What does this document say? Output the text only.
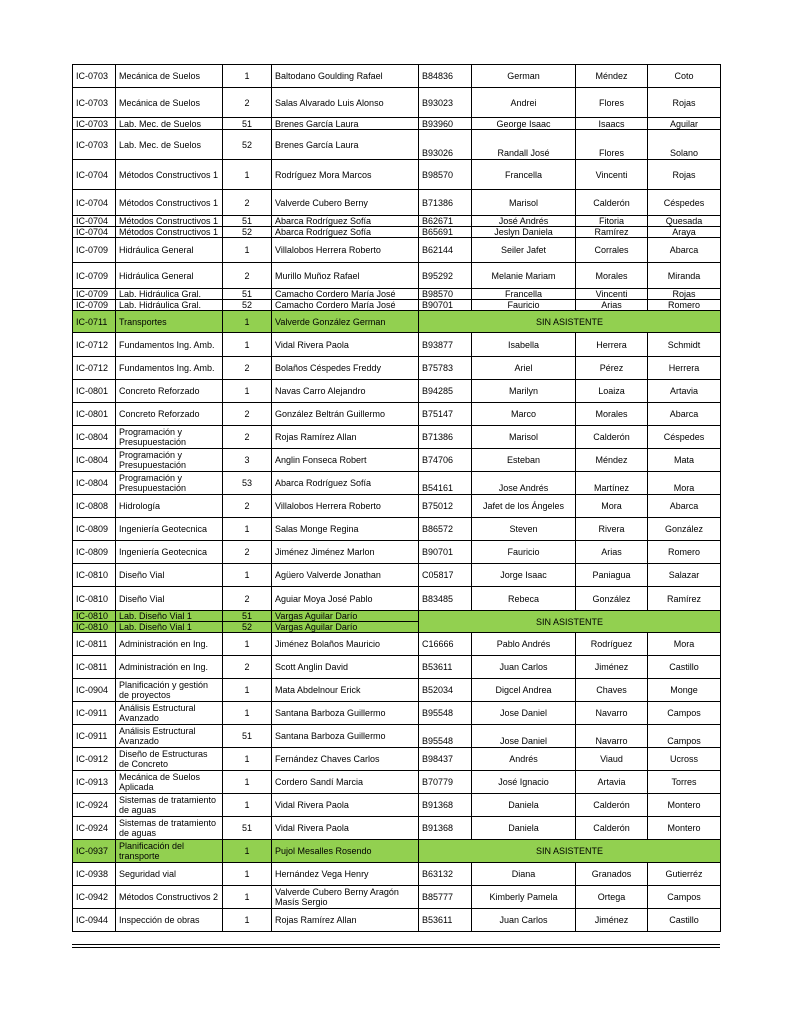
IC-0703	Mecánica de Suelos	1	Baltodano Goulding Rafael	B84836	German	Méndez	Coto
IC-0703	Mecánica de Suelos	2	Salas Alvarado Luis Alonso	B93023	Andrei	Flores	Rojas
IC-0703	Lab. Mec. de Suelos	51	Brenes García Laura	B93960	George Isaac	Isaacs	Aguilar
IC-0703	Lab. Mec. de Suelos	52	Brenes García Laura	B93026	Randall José	Flores	Solano
IC-0704	Métodos Constructivos 1	1	Rodríguez Mora Marcos	B98570	Francella	Vincenti	Rojas
IC-0704	Métodos Constructivos 1	2	Valverde Cubero Berny	B71386	Marisol	Calderón	Céspedes
IC-0704	Métodos Constructivos 1	51	Abarca Rodríguez Sofía	B62671	José Andrés	Fitoria	Quesada
IC-0704	Métodos Constructivos 1	52	Abarca Rodríguez Sofía	B65691	Jeslyn Daniela	Ramírez	Araya
IC-0709	Hidráulica General	1	Villalobos Herrera Roberto	B62144	Seiler Jafet	Corrales	Abarca
IC-0709	Hidráulica General	2	Murillo Muñoz Rafael	B95292	Melanie Mariam	Morales	Miranda
IC-0709	Lab. Hidráulica Gral.	51	Camacho Cordero María José	B98570	Francella	Vincenti	Rojas
IC-0709	Lab. Hidráulica Gral.	52	Camacho Cordero María José	B90701	Fauricio	Arias	Romero
IC-0711	Transportes	1	Valverde González German	SIN ASISTENTE			
IC-0712	Fundamentos Ing. Amb.	1	Vidal Rivera Paola	B93877	Isabella	Herrera	Schmidt
IC-0712	Fundamentos Ing. Amb.	2	Bolaños Céspedes Freddy	B75783	Ariel	Pérez	Herrera
IC-0801	Concreto Reforzado	1	Navas Carro Alejandro	B94285	Marilyn	Loaiza	Artavia
IC-0801	Concreto Reforzado	2	González Beltrán Guillermo	B75147	Marco	Morales	Abarca
IC-0804	Programación y Presupuestación	2	Rojas Ramírez Allan	B71386	Marisol	Calderón	Céspedes
IC-0804	Programación y Presupuestación	3	Anglin Fonseca Robert	B74706	Esteban	Méndez	Mata
IC-0804	Programación y Presupuestación	53	Abarca Rodríguez Sofía	B54161	Jose Andrés	Martínez	Mora
IC-0808	Hidrología	2	Villalobos Herrera Roberto	B75012	Jafet de los Ángeles	Mora	Abarca
IC-0809	Ingeniería Geotecnica	1	Salas Monge Regina	B86572	Steven	Rivera	González
IC-0809	Ingeniería Geotecnica	2	Jiménez Jiménez Marlon	B90701	Fauricio	Arias	Romero
IC-0810	Diseño Vial	1	Agüero Valverde Jonathan	C05817	Jorge Isaac	Paniagua	Salazar
IC-0810	Diseño Vial	2	Aguiar Moya José Pablo	B83485	Rebeca	González	Ramírez
IC-0810	Lab. Diseño Vial 1	51	Vargas Aguilar Darío	SIN ASISTENTE			
IC-0810	Lab. Diseño Vial 1	52	Vargas Aguilar Darío				
IC-0811	Administración en Ing.	1	Jiménez Bolaños Mauricio	C16666	Pablo Andrés	Rodríguez	Mora
IC-0811	Administración en Ing.	2	Scott Anglin David	B53611	Juan Carlos	Jiménez	Castillo
IC-0904	Planificación y gestión de proyectos	1	Mata Abdelnour Erick	B52034	Digcel Andrea	Chaves	Monge
IC-0911	Análisis Estructural Avanzado	1	Santana Barboza Guillermo	B95548	Jose Daniel	Navarro	Campos
IC-0911	Análisis Estructural Avanzado	51	Santana Barboza Guillermo	B95548	Jose Daniel	Navarro	Campos
IC-0912	Diseño de Estructuras de Concreto	1	Fernández Chaves Carlos	B98437	Andrés	Viaud	Ucross
IC-0913	Mecánica de Suelos Aplicada	1	Cordero Sandí Marcia	B70779	José Ignacio	Artavia	Torres
IC-0924	Sistemas de tratamiento de aguas	1	Vidal Rivera Paola	B91368	Daniela	Calderón	Montero
IC-0924	Sistemas de tratamiento de aguas	51	Vidal Rivera Paola	B91368	Daniela	Calderón	Montero
IC-0937	Planificación del transporte	1	Pujol Mesalles Rosendo	SIN ASISTENTE			
IC-0938	Seguridad vial	1	Hernández Vega Henry	B63132	Diana	Granados	Gutierréz
IC-0942	Métodos Constructivos 2	1	Valverde Cubero Berny Aragón Masís Sergio	B85777	Kimberly Pamela	Ortega	Campos
IC-0944	Inspección de obras	1	Rojas Ramírez Allan	B53611	Juan Carlos	Jiménez	Castillo
